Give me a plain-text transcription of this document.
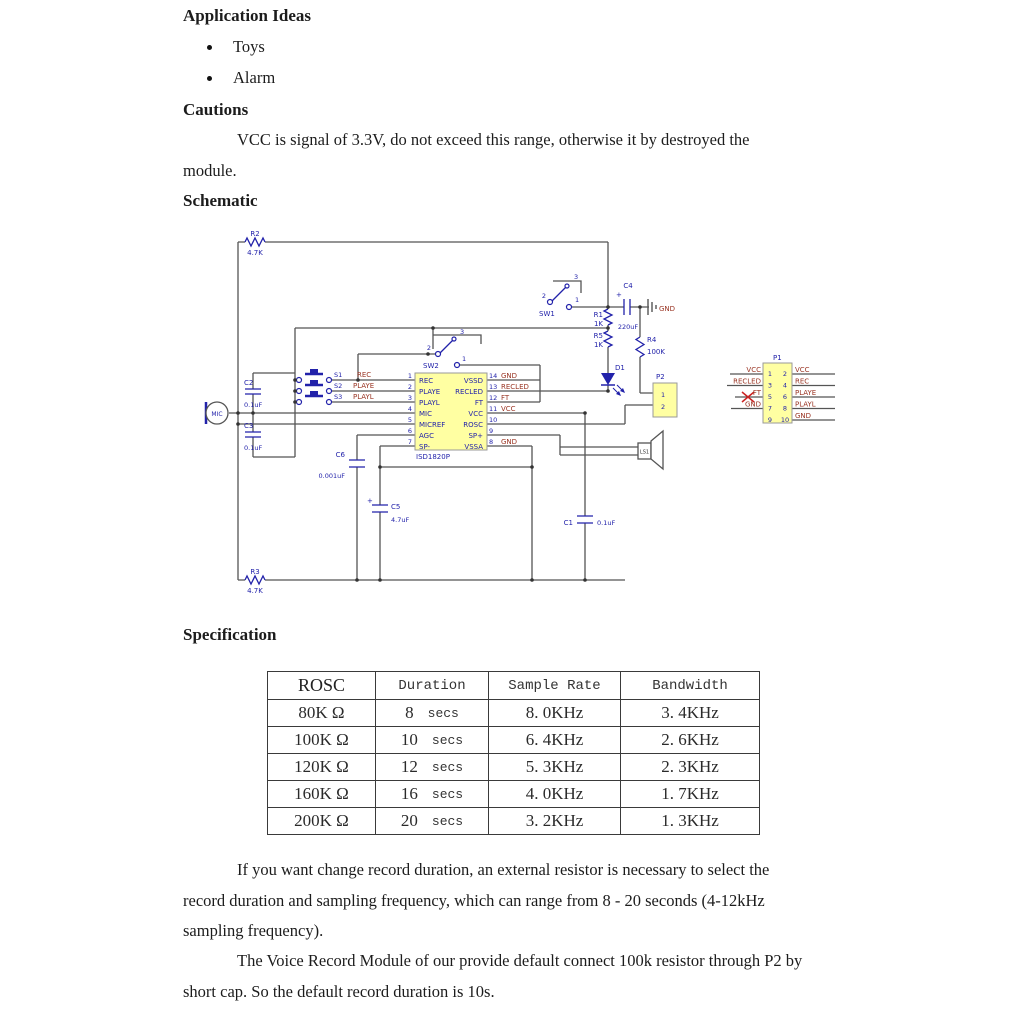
Application Ideas
Toys
Alarm
Cautions
VCC is signal of 3.3V, do not exceed this range, otherwise it by destroyed the
module.
Schematic
R2
4.7K
R3
4.7K
R1
1K
R5
1K
R4
100K
C2
0.1uF
C3
0.1uF
C6
0.001uF
+
C5
4.7uF
+
C4
220uF
C1	0.1uF
GND
D1
SW1
2
3
1
SW2
2
3
1
S1
S2
S3
REC
PLAYE
PLAYL
MIC
LS1
P2
1
2
P1
ISD1820P
1
REC
2
PLAYE
3
PLAYL
4
MIC
5
MICREF
6
AGC
7
SP-
14
VSSD
GND
13
RECLED
RECLED
12
FT
FT
11
VCC
VCC
10
ROSC
9
SP+
8
VSSA
GND
1 2
VCC	VCC
3 4
RECLED	REC
5 6
FT	PLAYE
7 8
GND	PLAYL
9 10 GND
Specification
ROSC	Duration	Sample Rate	Bandwidth
80K Ω	8 secs	8. 0KHz	3. 4KHz
100K Ω	10 secs	6. 4KHz	2. 6KHz
120K Ω	12 secs	5. 3KHz	2. 3KHz
160K Ω	16 secs	4. 0KHz	1. 7KHz
200K Ω	20 secs	3. 2KHz	1. 3KHz
If you want change record duration, an external resistor is necessary to select the
record duration and sampling frequency, which can range from 8 - 20 seconds (4-12kHz
sampling frequency).
The Voice Record Module of our provide default connect 100k resistor through P2 by
short cap. So the default record duration is 10s.
